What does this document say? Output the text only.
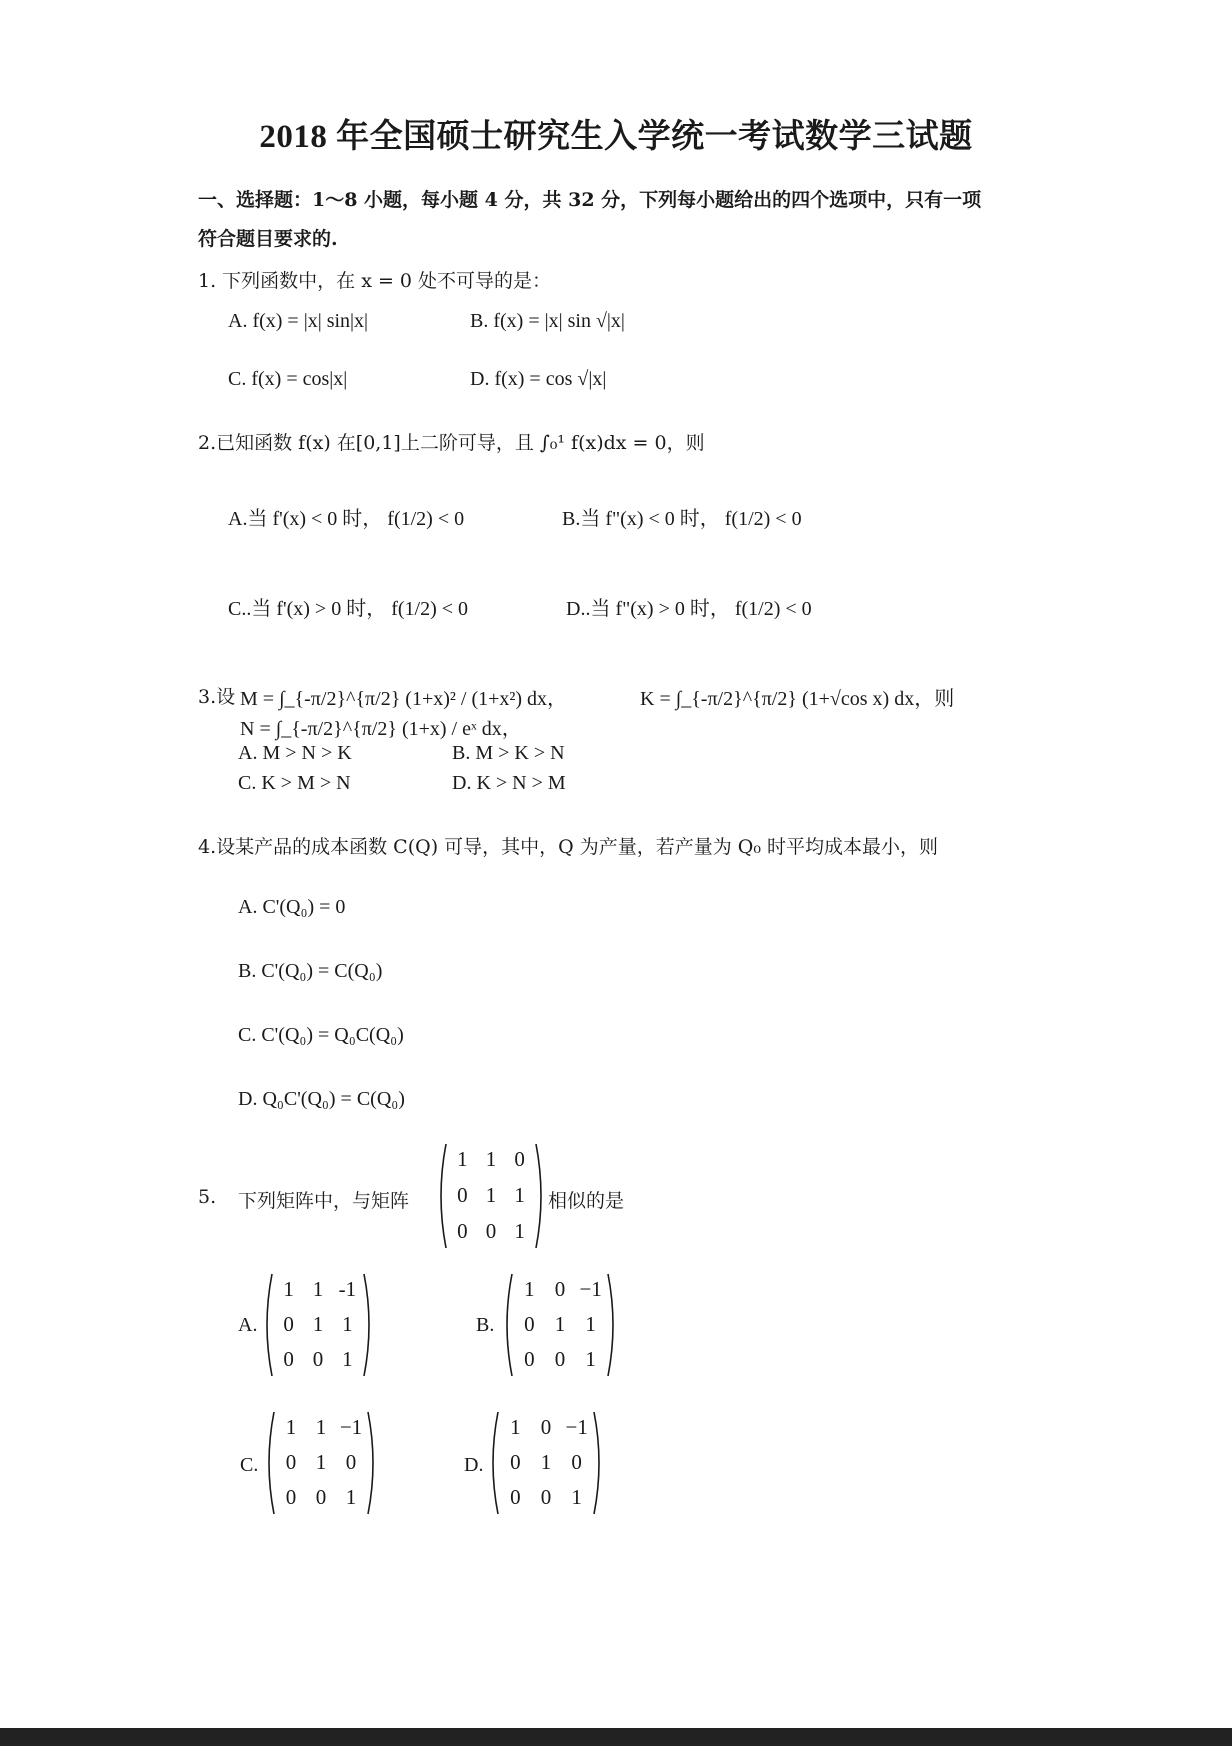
2018 年全国硕士研究生入学统一考试数学三试题
一、选择题：1～8 小题，每小题 4 分，共 32 分，下列每小题给出的四个选项中，只有一项
符合题目要求的.
1. 下列函数中，在 x = 0 处不可导的是：
A. f(x) = |x| sin|x|	B. f(x) = |x| sin √|x|
C. f(x) = cos|x|	D. f(x) = cos √|x|
2.已知函数 f(x) 在[0,1]上二阶可导，且 ∫₀¹ f(x)dx = 0，则
A.当 f'(x) < 0 时， f(1/2) < 0	B.当 f"(x) < 0 时， f(1/2) < 0
C..当 f'(x) > 0 时， f(1/2) < 0	D..当 f"(x) > 0 时， f(1/2) < 0
3.设 M = ∫_{-π/2}^{π/2} (1+x)² / (1+x²) dx，
N = ∫_{-π/2}^{π/2} (1+x) / eˣ dx，
K = ∫_{-π/2}^{π/2} (1+√cos x) dx，则
A. M > N > K	B. M > K > N
C. K > M > N	D. K > N > M
4.设某产品的成本函数 C(Q) 可导，其中，Q 为产量，若产量为 Q₀ 时平均成本最小，则
A. C'(Q₀) = 0
B. C'(Q₀) = C(Q₀)
C. C'(Q₀) = Q₀C(Q₀)
D. Q₀C'(Q₀) = C(Q₀)
5. 下列矩阵中，与矩阵
1 1 0
0 1 1
0 0 1
相似的是
A.
1 1 -1
0 1 1
0 0 1
B.
1 0 −1
0 1 1
0 0 1
C.
1 1 −1
0 1 0
0 0 1
D.
1 0 −1
0 1 0
0 0 1
